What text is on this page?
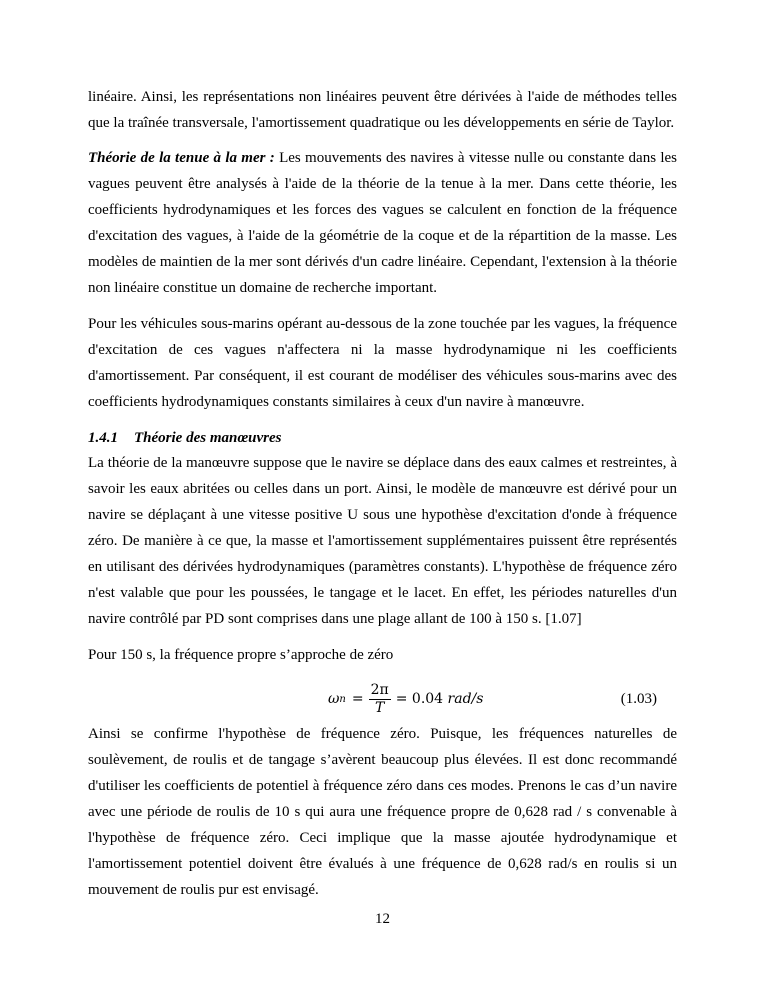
linéaire. Ainsi, les représentations non linéaires peuvent être dérivées à l'aide de méthodes telles
que la traînée transversale, l'amortissement quadratique ou les développements en série de Taylor.
Théorie de la tenue à la mer : Les mouvements des navires à vitesse nulle ou constante dans les
vagues peuvent être analysés à l'aide de la théorie de la tenue à la mer. Dans cette théorie, les
coefficients hydrodynamiques et les forces des vagues se calculent en fonction de la fréquence
d'excitation des vagues, à l'aide de la géométrie de la coque et de la répartition de la masse. Les
modèles de maintien de la mer sont dérivés d'un cadre linéaire. Cependant, l'extension à la théorie
non linéaire constitue un domaine de recherche important.
Pour les véhicules sous-marins opérant au-dessous de la zone touchée par les vagues, la fréquence
d'excitation de ces vagues n'affectera ni la masse hydrodynamique ni les coefficients
d'amortissement. Par conséquent, il est courant de modéliser des véhicules sous-marins avec des
coefficients hydrodynamiques constants similaires à ceux d'un navire à manœuvre.
1.4.1 Théorie des manœuvres
La théorie de la manœuvre suppose que le navire se déplace dans des eaux calmes et restreintes, à
savoir les eaux abritées ou celles dans un port. Ainsi, le modèle de manœuvre est dérivé pour un
navire se déplaçant à une vitesse positive U sous une hypothèse d'excitation d'onde à fréquence
zéro. De manière à ce que, la masse et l'amortissement supplémentaires puissent être représentés
en utilisant des dérivées hydrodynamiques (paramètres constants). L'hypothèse de fréquence zéro
n'est valable que pour les poussées, le tangage et le lacet. En effet, les périodes naturelles d'un
navire contrôlé par PD sont comprises dans une plage allant de 100 à 150 s. [1.07]
Pour 150 s, la fréquence propre s’approche de zéro
ω $n = \frac{2\pi}{T}$ =
0.04
rad/s	(1.03)
Ainsi se confirme l'hypothèse de fréquence zéro. Puisque, les fréquences naturelles de
soulèvement, de roulis et de tangage s’avèrent beaucoup plus élevées. Il est donc recommandé
d'utiliser les coefficients de potentiel à fréquence zéro dans ces modes. Prenons le cas d’un navire
avec une période de roulis de 10 s qui aura une fréquence propre de 0,628 rad / s convenable à
l'hypothèse de fréquence zéro. Ceci implique que la masse ajoutée hydrodynamique et
l'amortissement potentiel doivent être évalués à une fréquence de 0,628 rad/s en roulis si un
mouvement de roulis pur est envisagé.
12
